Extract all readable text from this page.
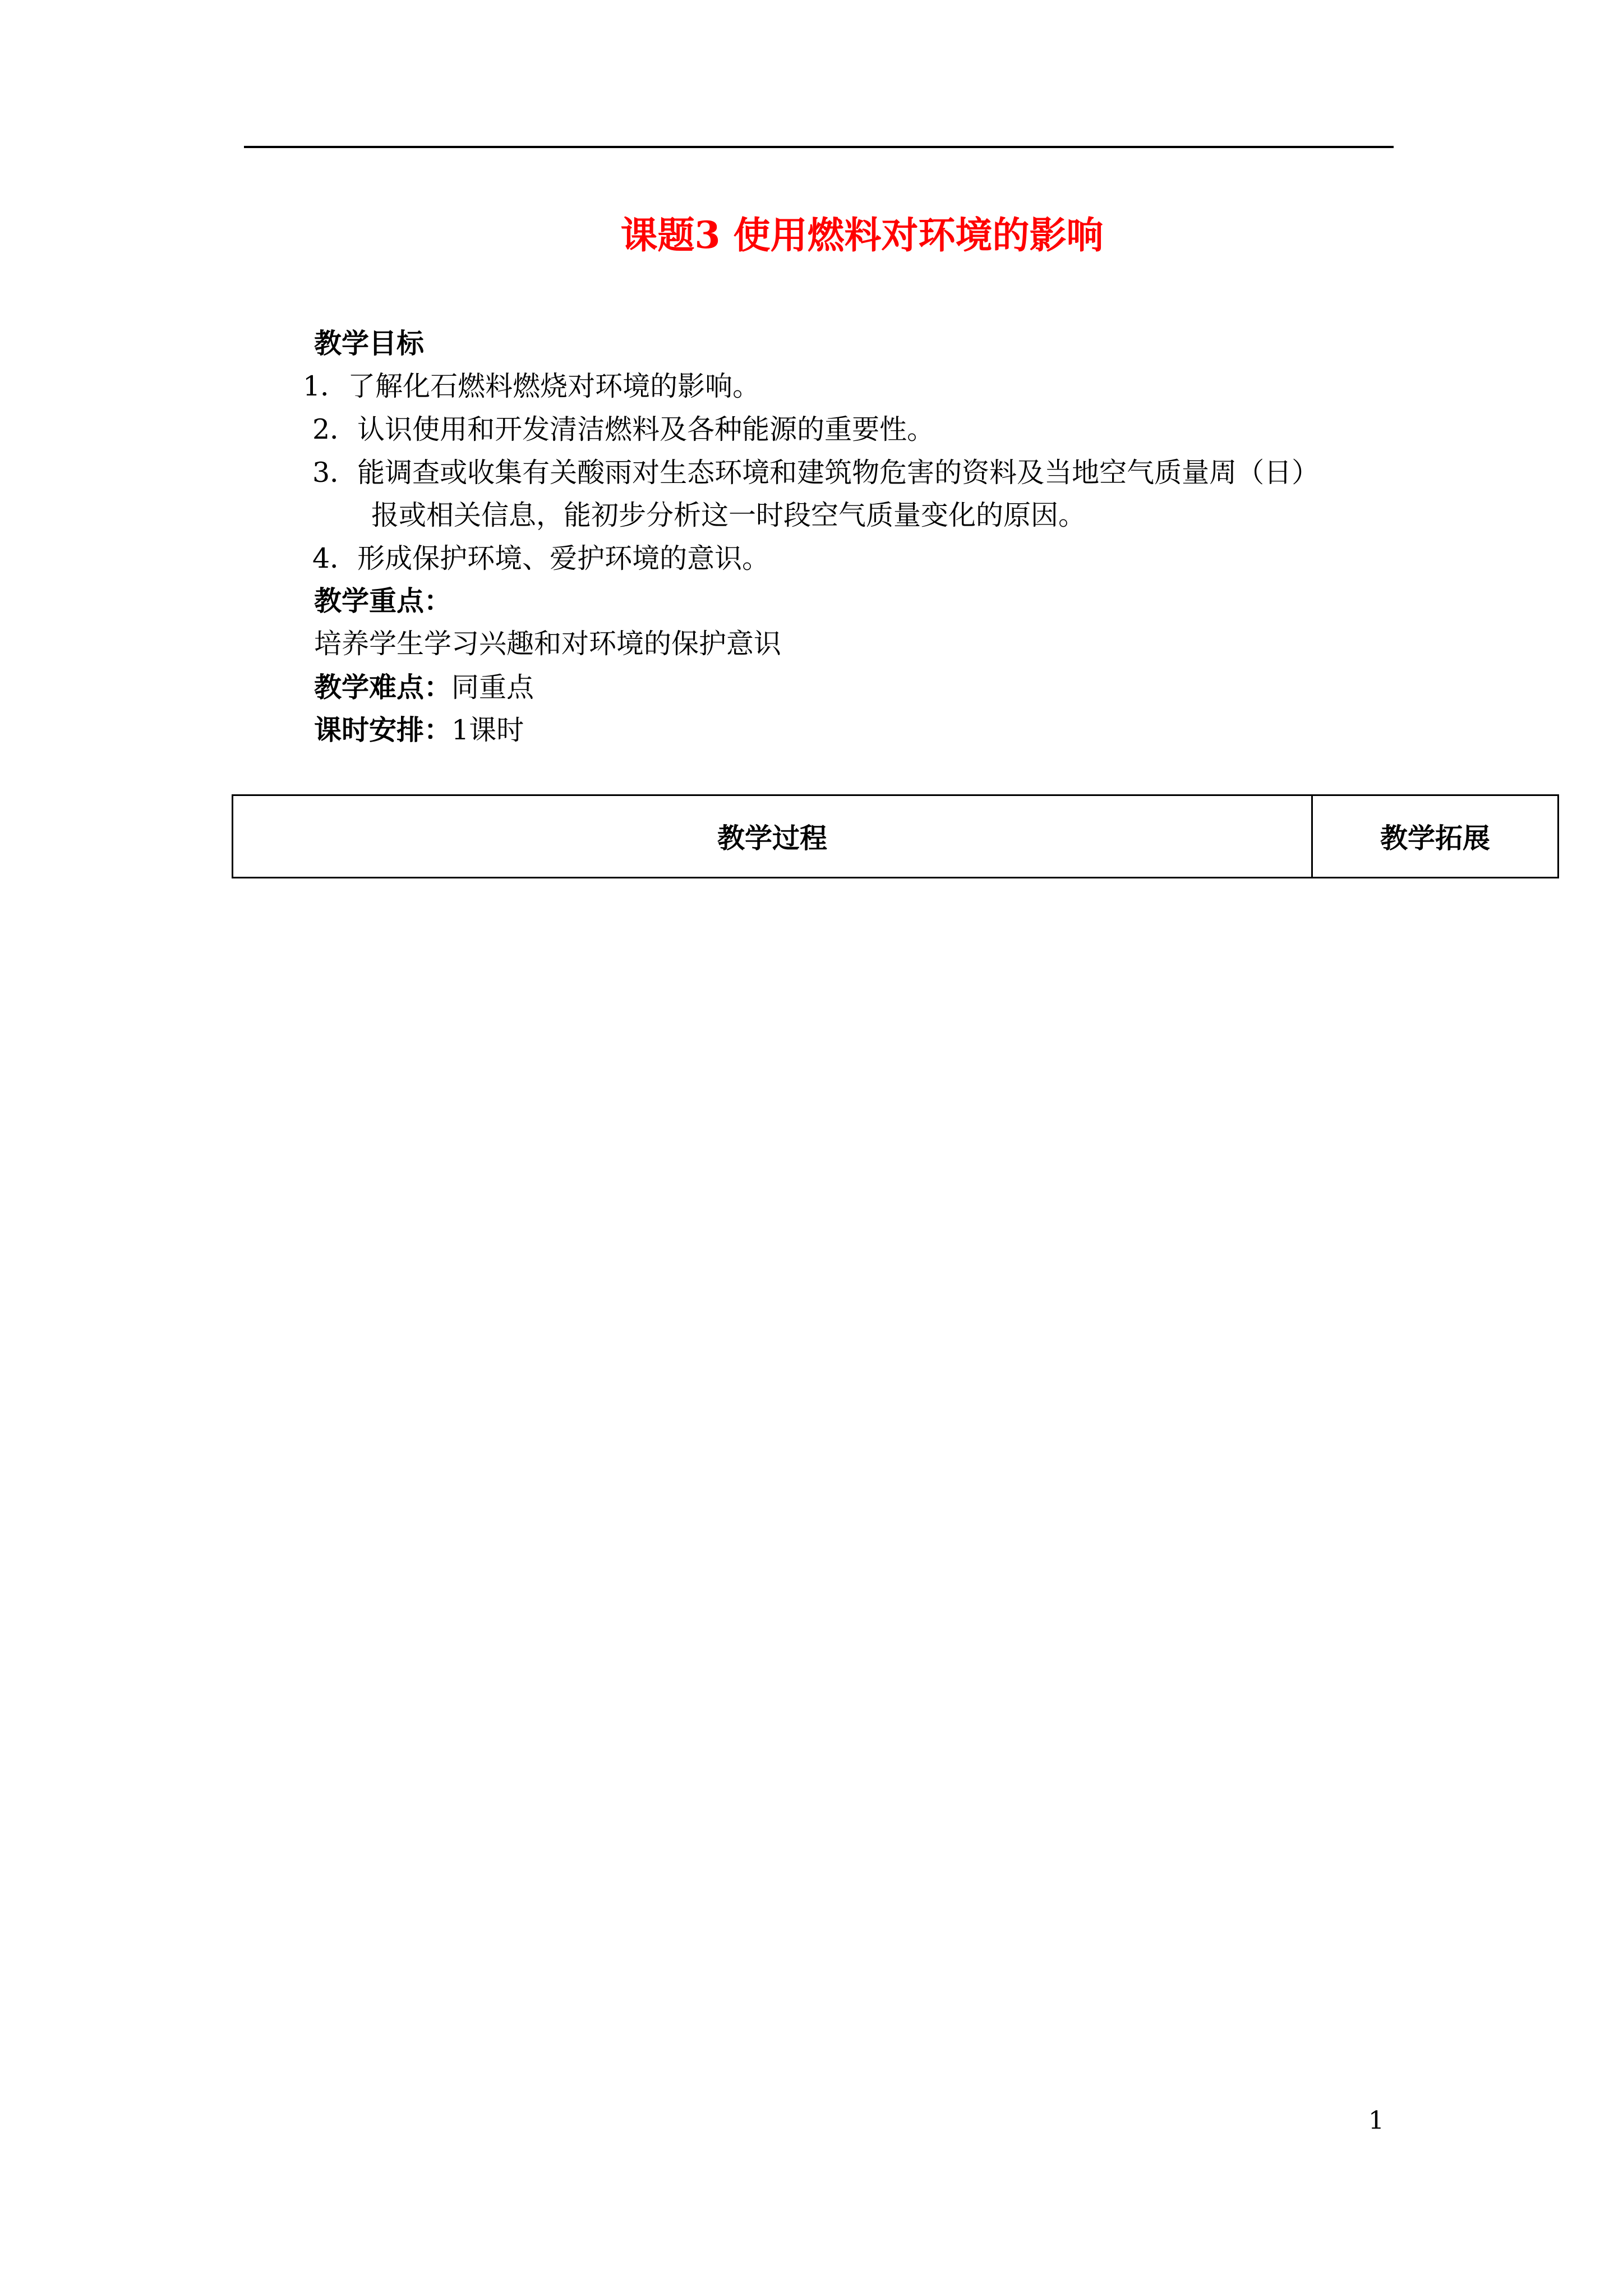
课题3 使用燃料对环境的影响
教学目标
1．了解化石燃料燃烧对环境的影响。
2．认识使用和开发清洁燃料及各种能源的重要性。
3．能调查或收集有关酸雨对生态环境和建筑物危害的资料及当地空气质量周（日）
报或相关信息，能初步分析这一时段空气质量变化的原因。
4．形成保护环境、爱护环境的意识。
教学重点：
培养学生学习兴趣和对环境的保护意识
教学难点：同重点
课时安排：1课时
教学过程	教学拓展
1
